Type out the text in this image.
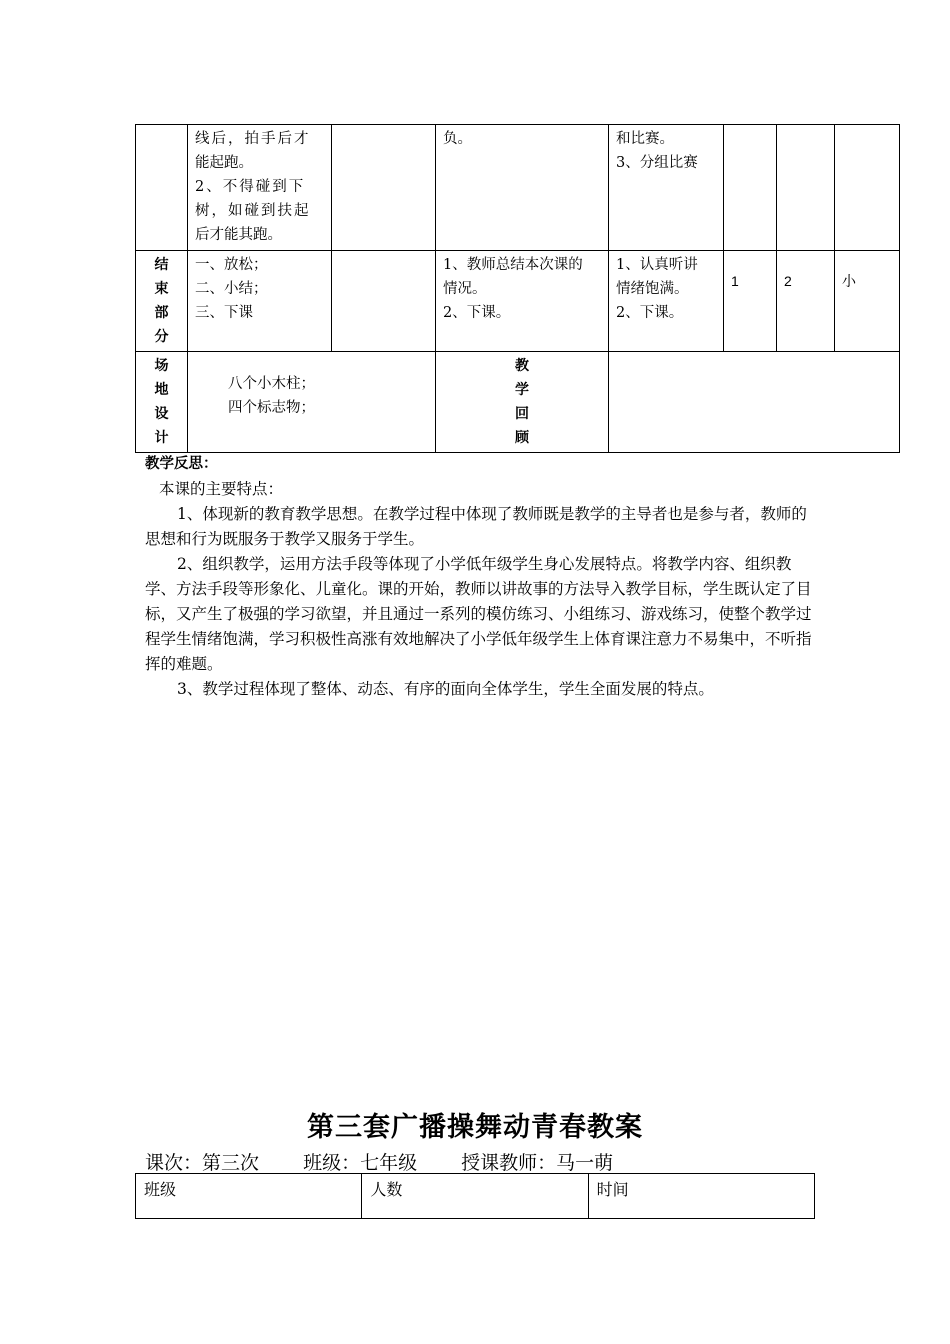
	线后，拍手后才
能起跑。
2、不得碰到下
树，如碰到扶起
后才能其跑。		负。	和比赛。
3、分组比赛			

结
束
部
分	一、放松；
二、小结；
三、下课		1、教师总结本次课的
情况。
2、下课。	1、认真听讲
情绪饱满。
2、下课。	1	2	小

场
地
设
计	八个小木柱；
四个标志物；		教
学
回
顾				

教学反思：

本课的主要特点：

1、体现新的教育教学思想。在教学过程中体现了教师既是教学的主导者也是参与者，教师的思想和行为既服务于教学又服务于学生。

2、组织教学，运用方法手段等体现了小学低年级学生身心发展特点。将教学内容、组织教学、方法手段等形象化、儿童化。课的开始，教师以讲故事的方法导入教学目标，学生既认定了目标，又产生了极强的学习欲望，并且通过一系列的模仿练习、小组练习、游戏练习，使整个教学过程学生情绪饱满，学习积极性高涨有效地解决了小学低年级学生上体育课注意力不易集中，不听指挥的难题。

3、教学过程体现了整体、动态、有序的面向全体学生，学生全面发展的特点。

第三套广播操舞动青春教案
课次：第三次 班级：七年级 授课教师：马一萌
班级	人数	时间
